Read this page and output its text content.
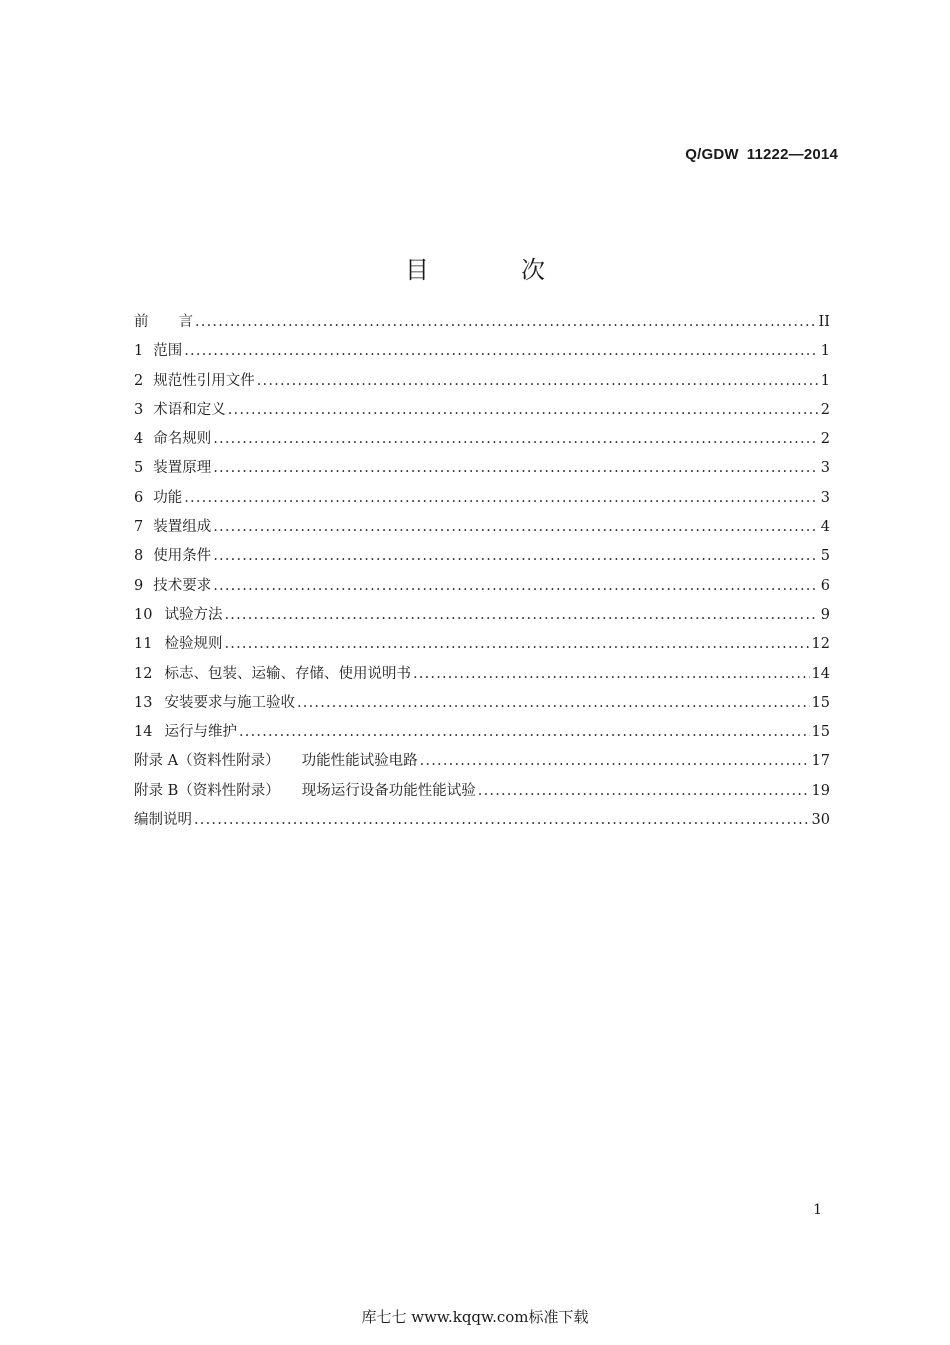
Q/GDW 11222—2014
目	次
前 言 .....	II
1 范围 .....	1
2 规范性引用文件 .....	1
3 术语和定义 .....	2
4 命名规则 .....	2
5 装置原理 .....	3
6 功能 .....	3
7 装置组成 .....	4
8 使用条件 .....	5
9 技术要求 .....	6
10 试验方法 .....	9
11 检验规则 .....	12
12 标志、包装、运输、存储、使用说明书 .....	14
13 安装要求与施工验收 .....	15
14 运行与维护 .....	15
附录 A（资料性附录） 功能性能试验电路 .....	17
附录 B（资料性附录） 现场运行设备功能性能试验 .....	19
编制说明 .....	30
1
库七七 www.kqqw.com标准下载
